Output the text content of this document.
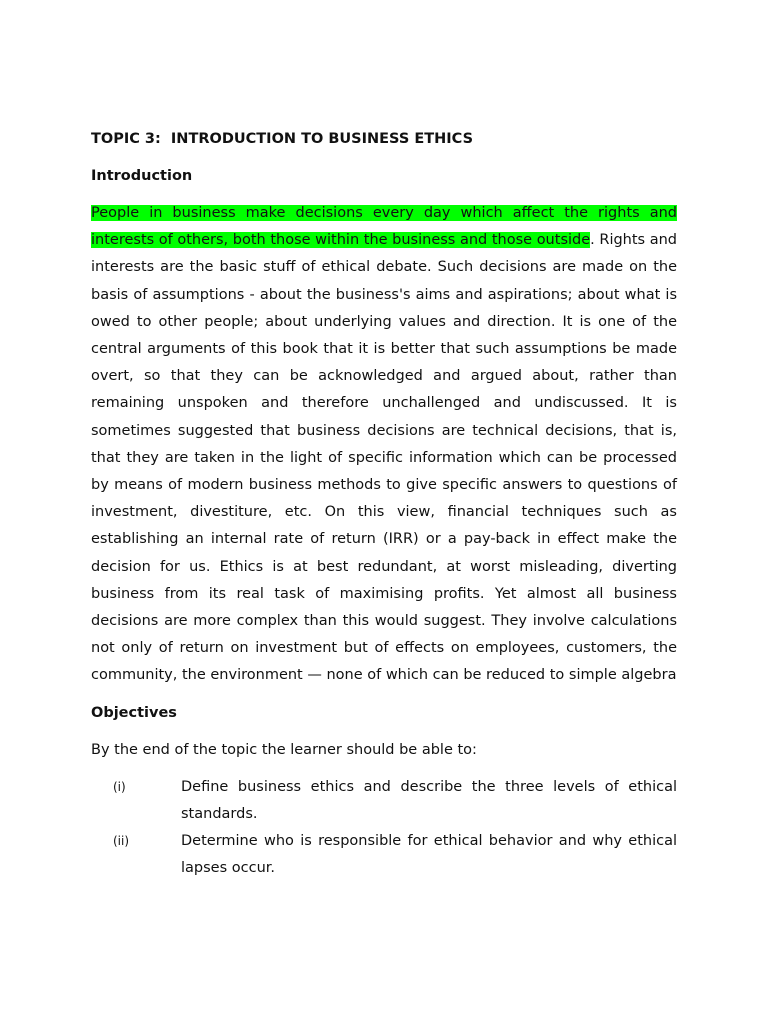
TOPIC 3:  INTRODUCTION TO BUSINESS ETHICS
Introduction

People in business make decisions every day which affect the rights and interests of others, both those within the business and those outside. Rights and interests are the basic stuff of ethical debate. Such decisions are made on the basis of assumptions - about the business's aims and aspirations; about what is owed to other people; about underlying values and direction. It is one of the central arguments of this book that it is better that such assumptions be made overt, so that they can be acknowledged and argued about, rather than remaining unspoken and therefore unchallenged and undiscussed. It is sometimes suggested that business decisions are technical decisions, that is, that they are taken in the light of specific information which can be processed by means of modern business methods to give specific answers to questions of investment, divestiture, etc. On this view, financial techniques such as establishing an internal rate of return (IRR) or a pay-back in effect make the decision for us. Ethics is at best redundant, at worst misleading, diverting business from its real task of maximising profits. Yet almost all business decisions are more complex than this would suggest. They involve calculations not only of return on investment but of effects on employees, customers, the community, the environment — none of which can be reduced to simple algebra

Objectives
By the end of the topic the learner should be able to:
(i)	Define business ethics and describe the three levels of ethical standards.
(ii)	Determine who is responsible for ethical behavior and why ethical lapses occur.
